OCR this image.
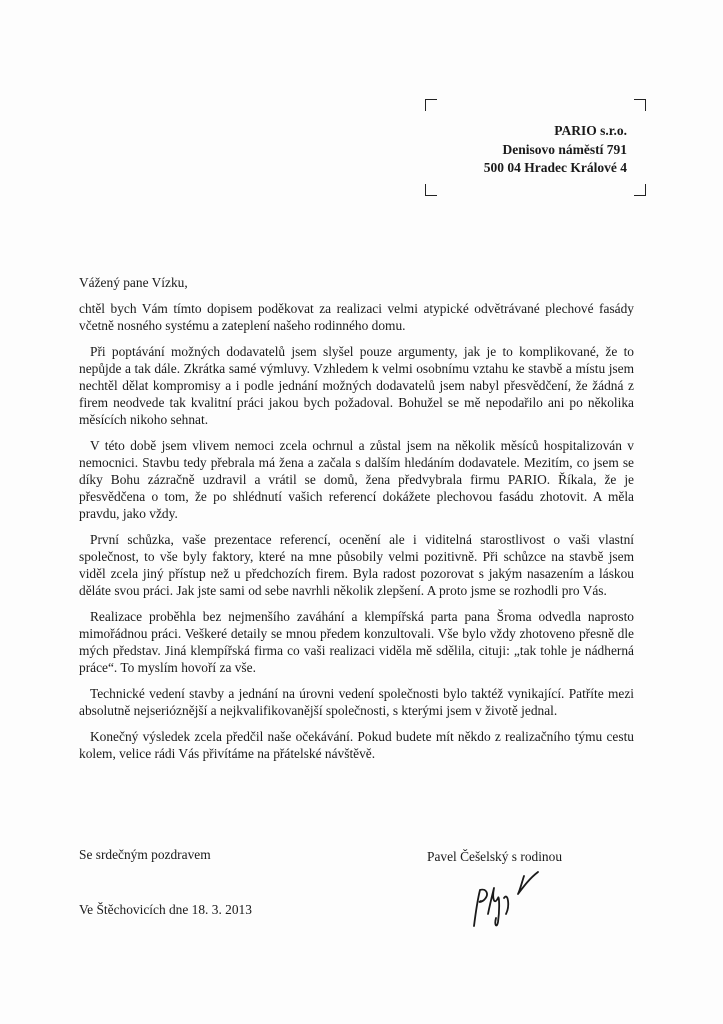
PARIO s.r.o.
Denisovo náměstí 791
500 04 Hradec Králové 4

Vážený pane Vízku,

chtěl bych Vám tímto dopisem poděkovat za realizaci velmi atypické odvětrávané plechové fasády včetně nosného systému a zateplení našeho rodinného domu.

Při poptávání možných dodavatelů jsem slyšel pouze argumenty, jak je to komplikované, že to nepůjde a tak dále. Zkrátka samé výmluvy. Vzhledem k velmi osobnímu vztahu ke stavbě a místu jsem nechtěl dělat kompromisy a i podle jednání možných dodavatelů jsem nabyl přesvědčení, že žádná z firem neodvede tak kvalitní práci jakou bych požadoval. Bohužel se mě nepodařilo ani po několika měsících nikoho sehnat.

V této době jsem vlivem nemoci zcela ochrnul a zůstal jsem na několik měsíců hospitalizován v nemocnici. Stavbu tedy přebrala má žena a začala s dalším hledáním dodavatele. Mezitím, co jsem se díky Bohu zázračně uzdravil a vrátil se domů, žena předvybrala firmu PARIO. Říkala, že je přesvědčena o tom, že po shlédnutí vašich referencí dokážete plechovou fasádu zhotovit. A měla pravdu, jako vždy.

První schůzka, vaše prezentace referencí, ocenění ale i viditelná starostlivost o vaši vlastní společnost, to vše byly faktory, které na mne působily velmi pozitivně. Při schůzce na stavbě jsem viděl zcela jiný přístup než u předchozích firem. Byla radost pozorovat s jakým nasazením a láskou děláte svou práci. Jak jste sami od sebe navrhli několik zlepšení. A proto jsme se rozhodli pro Vás.

Realizace proběhla bez nejmenšího zaváhání a klempířská parta pana Šroma odvedla naprosto mimořádnou práci. Veškeré detaily se mnou předem konzultovali. Vše bylo vždy zhotoveno přesně dle mých představ. Jiná klempířská firma co vaši realizaci viděla mě sdělila, cituji: „tak tohle je nádherná práce“. To myslím hovoří za vše.

Technické vedení stavby a jednání na úrovni vedení společnosti bylo taktéž vynikající. Patříte mezi absolutně nejseriózněјší a nejkvalifikovanější společnosti, s kterými jsem v životě jednal.

Konečný výsledek zcela předčil naše očekávání. Pokud budete mít někdo z realizačního týmu cestu kolem, velice rádi Vás přivítáme na přátelské návštěvě.

Se srdečným pozdravem	Pavel Češelský s rodinou
Ve Štěchovicích dne 18. 3. 2013
